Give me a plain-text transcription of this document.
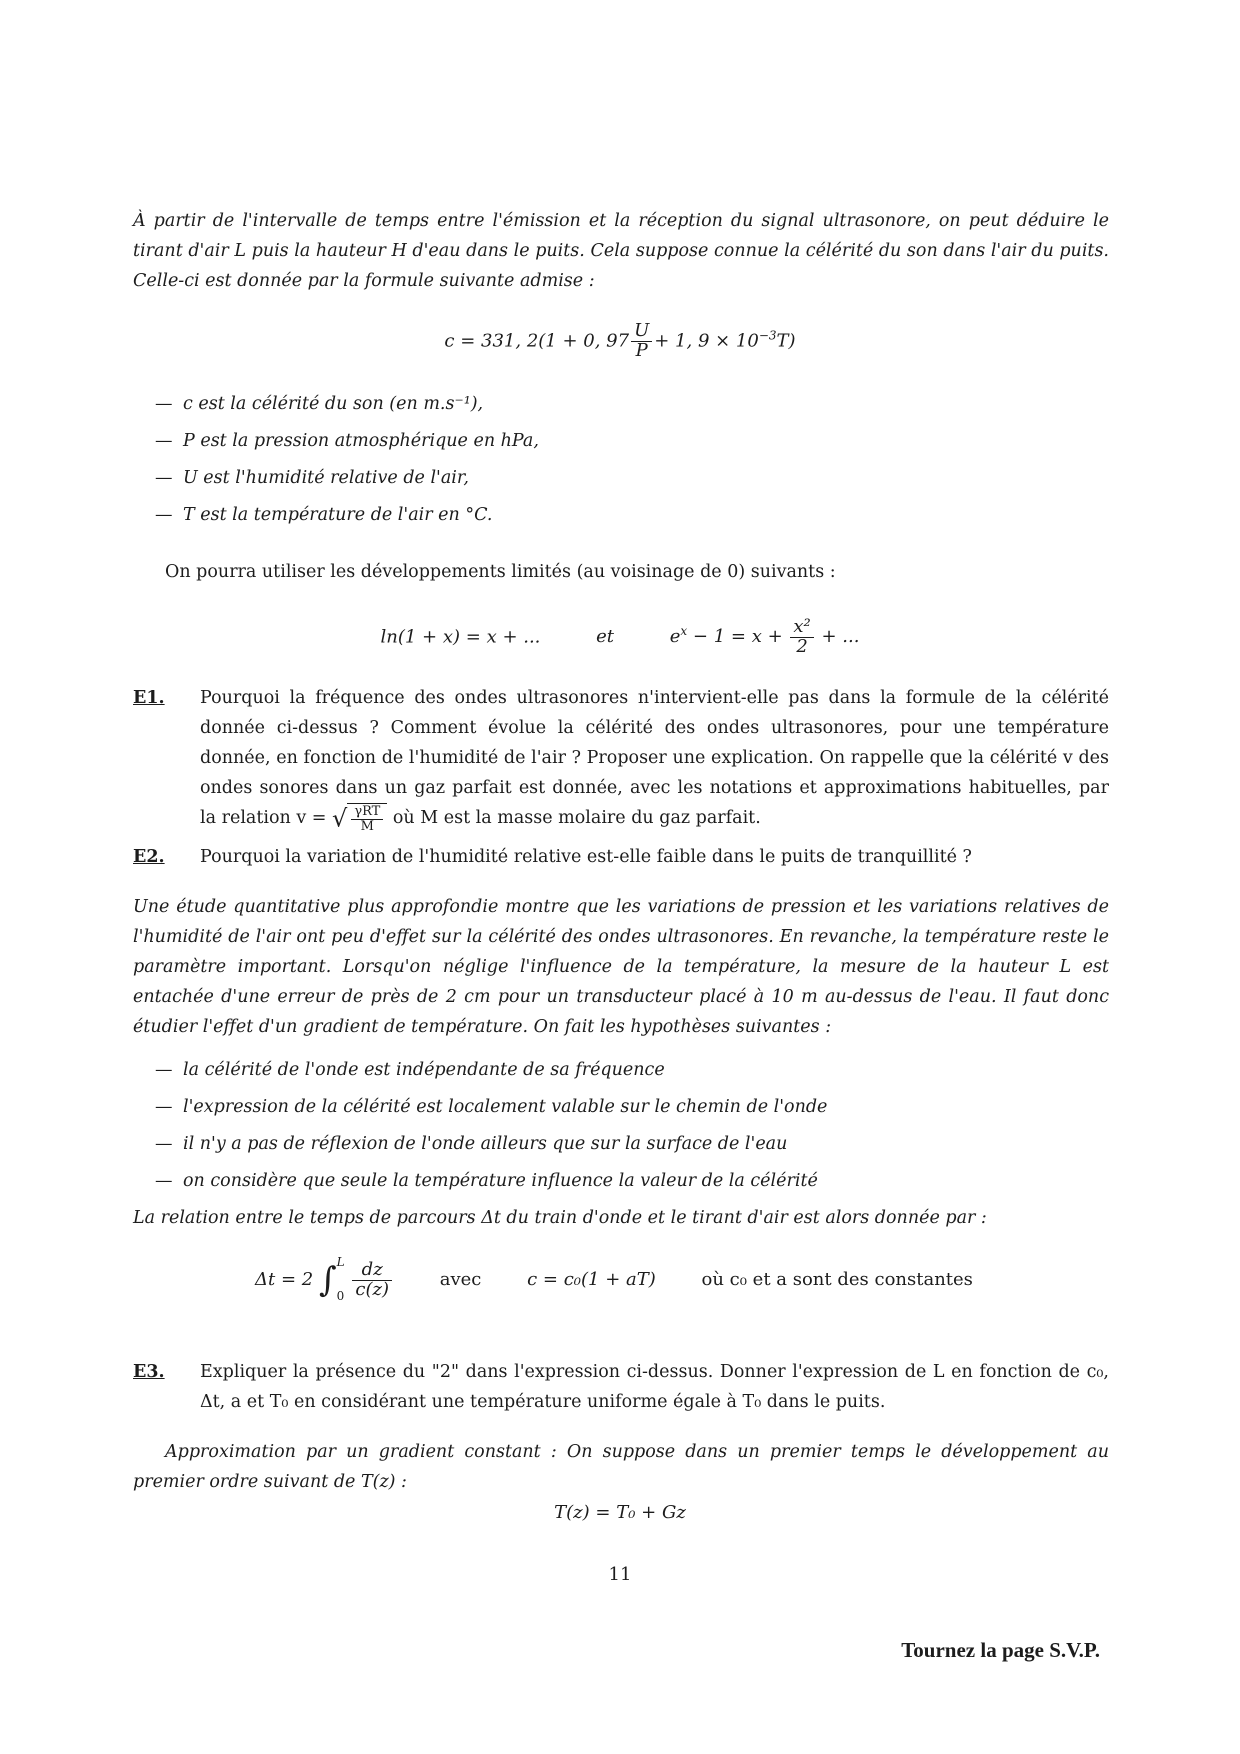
À partir de l'intervalle de temps entre l'émission et la réception du signal ultrasonore, on peut déduire le tirant d'air L puis la hauteur H d'eau dans le puits. Cela suppose connue la célérité du son dans l'air du puits. Celle-ci est donnée par la formule suivante admise :
c = 331, 2(1 + 0, $97 \frac{U}{P} + 1$, $9 \times 10^{-3}T$)
— c est la célérité du son (en m.s⁻¹),
— P est la pression atmosphérique en hPa,
— U est l'humidité relative de l'air,
— T est la température de l'air en °C.
On pourra utiliser les développements limités (au voisinage de 0) suivants :
ln(1 + x) = x + ...	et	$e^x - 1 = x + \frac{\text{x²}}{2}$ + ...
E1. Pourquoi la fréquence des ondes ultrasonores n'intervient-elle pas dans la formule de la célérité donnée ci-dessus ? Comment évolue la célérité des ondes ultrasonores, pour une température donnée, en fonction de l'humidité de l'air ? Proposer une explication. On rappelle que la célérité v des ondes sonores dans un gaz parfait est donnée, avec les notations et approximations habituelles, par la relation v = √ $\frac{\text{γRT}}{M}$ où M est la masse molaire du gaz parfait.
E2. Pourquoi la variation de l'humidité relative est-elle faible dans le puits de tranquillité ?
Une étude quantitative plus approfondie montre que les variations de pression et les variations relatives de l'humidité de l'air ont peu d'effet sur la célérité des ondes ultrasonores. En revanche, la température reste le paramètre important. Lorsqu'on néglige l'influence de la température, la mesure de la hauteur L est entachée d'une erreur de près de 2 cm pour un transducteur placé à 10 m au-dessus de l'eau. Il faut donc étudier l'effet d'un gradient de température. On fait les hypothèses suivantes :
— la célérité de l'onde est indépendante de sa fréquence
— l'expression de la célérité est localement valable sur le chemin de l'onde
— il n'y a pas de réflexion de l'onde ailleurs que sur la surface de l'eau
— on considère que seule la température influence la valeur de la célérité
La relation entre le temps de parcours Δt du train d'onde et le tirant d'air est alors donnée par :
Δt = 2 ∫ L
0
$\frac{dz}{c(z)}$	avec	c = c₀(1 + aT)	où c₀ et a sont des constantes
E3. Expliquer la présence du "2" dans l'expression ci-dessus. Donner l'expression de L en fonction de c₀, Δt, a et T₀ en considérant une température uniforme égale à T₀ dans le puits.
Approximation par un gradient constant : On suppose dans un premier temps le développement au premier ordre suivant de T(z) :
T(z) = T₀ + Gz
11
Tournez la page S.V.P.
